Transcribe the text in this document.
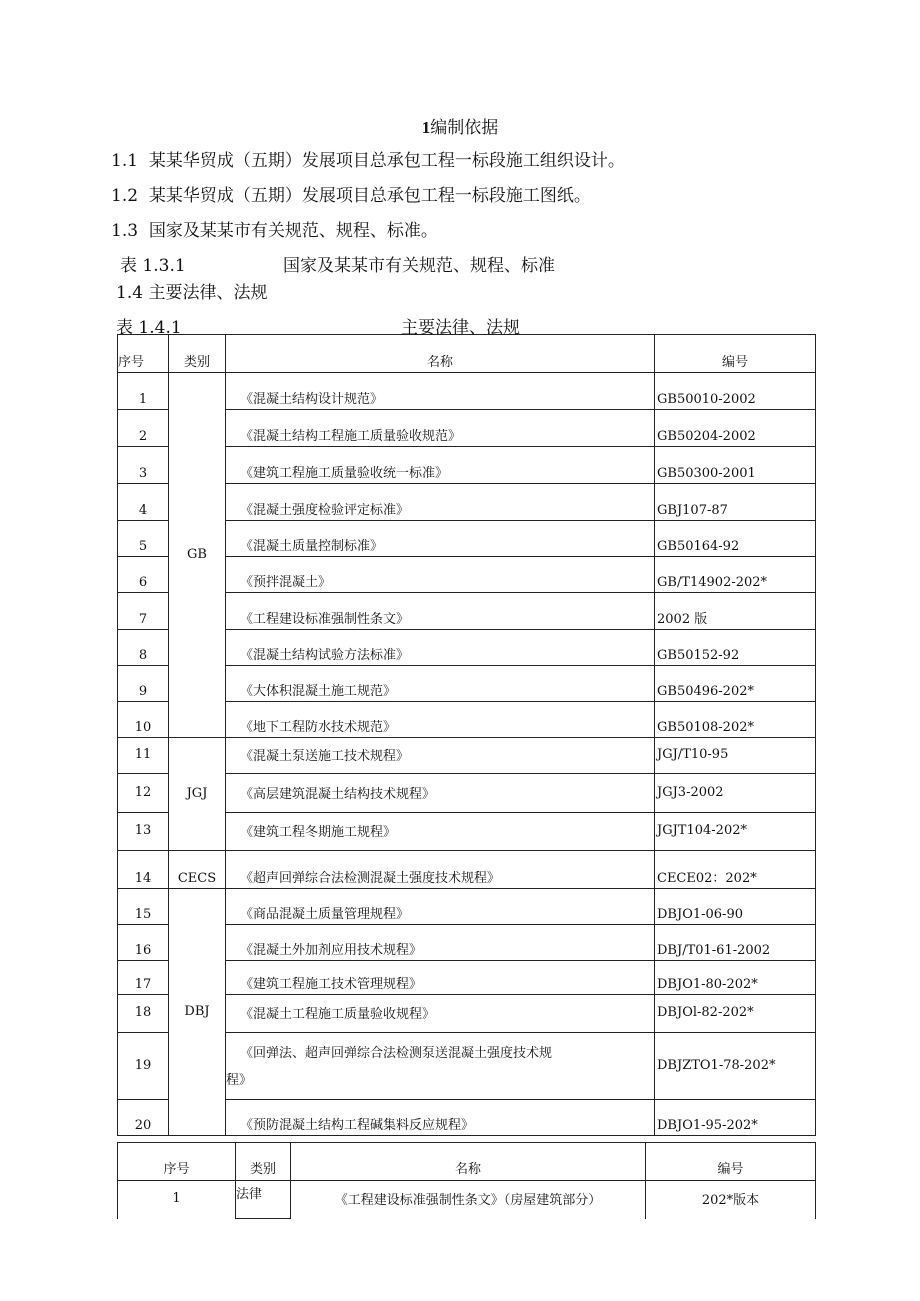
1编制依据
1.1 某某华贸成（五期）发展项目总承包工程一标段施工组织设计。
1.2 某某华贸成（五期）发展项目总承包工程一标段施工图纸。
1.3 国家及某某市有关规范、规程、标准。
表 1.3.1	国家及某某市有关规范、规程、标准
1.4 主要法律、法规
表 1.4.1	主要法律、法规
序号	类别	名称	编号
1	GB	《混凝土结构设计规范》	GB50010-2002
2		《混凝土结构工程施工质量验收规范》	GB50204-2002
3		《建筑工程施工质量验收统一标准》	GB50300-2001
4		《混凝土强度检验评定标准》	GBJ107-87
5		《混凝土质量控制标准》	GB50164-92
6		《预拌混凝土》	GB/T14902-202*
7		《工程建设标准强制性条文》	2002 版
8		《混凝土结构试验方法标准》	GB50152-92
9		《大体积混凝土施工规范》	GB50496-202*
10		《地下工程防水技术规范》	GB50108-202*
11	JGJ	《混凝土泵送施工技术规程》	JGJ/T10-95
12		《高层建筑混凝土结构技术规程》	JGJ3-2002
13		《建筑工程冬期施工规程》	JGJT104-202*
14	CECS	《超声回弹综合法检测混凝土强度技术规程》	CECE02：202*
15	DBJ	《商品混凝土质量管理规程》	DBJO1-06-90
16		《混凝土外加剂应用技术规程》	DBJ/T01-61-2002
17		《建筑工程施工技术管理规程》	DBJO1-80-202*
18		《混凝土工程施工质量验收规程》	DBJOl-82-202*
19		《回弹法、超声回弹综合法检测泵送混凝土强度技术规
程》	DBJZTO1-78-202*
20		《预防混凝土结构工程碱集料反应规程》	DBJO1-95-202*
序号	类别	名称	编号
1	法律	《工程建设标准强制性条文》（房屋建筑部分）	202*版本
